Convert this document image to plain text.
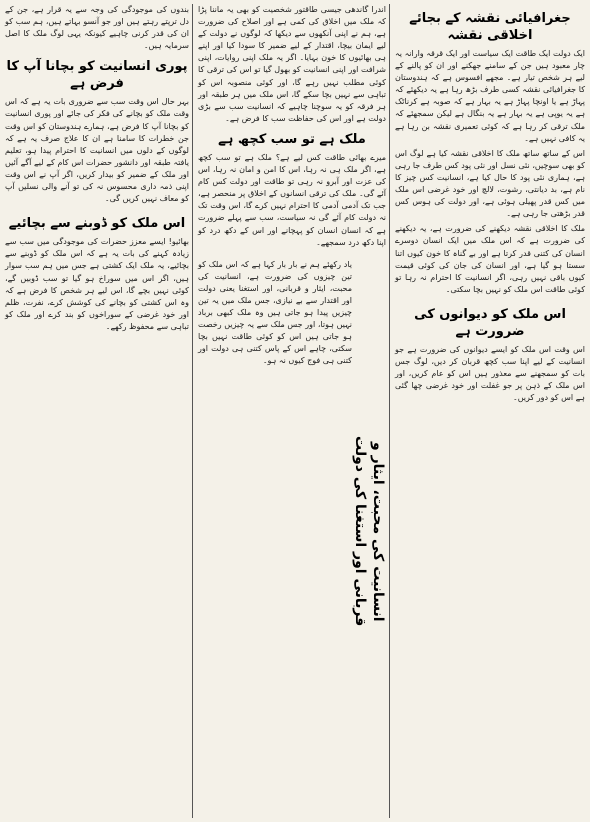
جغرافیائی نقشہ کے بجائے اخلاقی نقشہ

ایک دولت ایک طاقت ایک سیاست اور ایک قرقہ وارانہ یہ چار معبود ہیں جن کے سامنے جھکنے اور ان کو پالنے کے لیے ہر شخص تیار ہے۔ مجھے افسوس ہے کہ ہندوستان کا جغرافیائی نقشہ کسی طرف بڑھ رہا ہے یہ دیکھئے کہ پہاڑ ہے یا اونچا پہاڑ ہے یہ بہار ہے کہ صوبہ ہے کرناٹک ہے یہ یوپی ہے یہ بہار ہے یہ بنگال ہے لیکن سمجھئے کہ ملک ترقی کر رہا ہے کہ کوئی تعمیری نقشہ بن رہا ہے یہ کافی نہیں ہے۔

اس کے ساتھ ساتھ ملک کا اخلاقی نقشہ کیا ہے لوگ اس کو بھی سوچیں، نئی نسل اور نئی پود کس طرف جا رہی ہے، ہماری نئی پود کا حال کیا ہے، انسانیت کس چیز کا نام ہے، بد دیانتی، رشوت، لالچ اور خود غرضی اس ملک میں کس قدر پھیلی ہوئی ہے، اور دولت کی ہوس کس قدر بڑھتی جا رہی ہے۔

ملک کا اخلاقی نقشہ دیکھنے کی ضرورت ہے، یہ دیکھنے کی ضرورت ہے کہ اس ملک میں ایک انسان دوسرے انسان کی کتنی قدر کرتا ہے اور بے گناہ کا خون کیوں اتنا سستا ہو گیا ہے، اور انسان کی جان کی کوئی قیمت کیوں باقی نہیں رہی، اگر انسانیت کا احترام نہ رہا تو کوئی طاقت اس ملک کو نہیں بچا سکتی۔

اس ملک کو دیوانوں کی ضرورت ہے

اس وقت اس ملک کو ایسے دیوانوں کی ضرورت ہے جو انسانیت کے لیے اپنا سب کچھ قربان کر دیں، لوگ جس بات کو سمجھنے سے معذور ہیں اس کو عام کریں، اور اس ملک کے ذہن پر جو غفلت اور خود غرضی چھا گئی ہے اس کو دور کریں۔

اندرا گاندھی جیسی طاقتور شخصیت کو بھی یہ ماننا پڑا کہ ملک میں اخلاق کی کمی ہے اور اصلاح کی ضرورت ہے، ہم نے اپنی آنکھوں سے دیکھا کہ لوگوں نے دولت کے لیے ایمان بیچا، اقتدار کے لیے ضمیر کا سودا کیا اور اپنے ہی بھائیوں کا خون بہایا۔ اگر یہ ملک اپنی روایات، اپنی شرافت اور اپنی انسانیت کو بھول گیا تو اس کی ترقی کا کوئی مطلب نہیں رہے گا، اور کوئی منصوبہ اس کو تباہی سے نہیں بچا سکے گا، اس ملک میں ہر طبقہ اور ہر فرقہ کو یہ سوچنا چاہیے کہ انسانیت سب سے بڑی دولت ہے اور اس کی حفاظت سب کا فرض ہے۔

ملک ہے تو سب کچھ ہے

میرے بھائی طاقت کس لیے ہے؟ ملک ہے تو سب کچھ ہے، اگر ملک ہی نہ رہا، اس کا امن و امان نہ رہا، اس کی عزت اور آبرو نہ رہی تو طاقت اور دولت کس کام آئے گی۔ ملک کی ترقی انسانوں کے اخلاق پر منحصر ہے، جب تک آدمی آدمی کا احترام نہیں کرے گا، اس وقت تک نہ دولت کام آئے گی نہ سیاست، سب سے پہلے ضرورت ہے کہ انسان انسان کو پہچانے اور اس کے دکھ درد کو اپنا دکھ درد سمجھے۔

انسانیت کی محبت، ایثار و قربانی اور استغنا کی دولت

یاد رکھئے ہم نے بار بار کہا ہے کہ اس ملک کو تین چیزوں کی ضرورت ہے، انسانیت کی محبت، ایثار و قربانی، اور استغنا یعنی دولت اور اقتدار سے بے نیازی، جس ملک میں یہ تین چیزیں پیدا ہو جاتی ہیں وہ ملک کبھی برباد نہیں ہوتا، اور جس ملک سے یہ چیزیں رخصت ہو جاتی ہیں اس کو کوئی طاقت نہیں بچا سکتی، چاہے اس کے پاس کتنی ہی دولت اور کتنی ہی فوج کیوں نہ ہو۔

بندوں کی موجودگی کی وجہ سے یہ قرار ہے، جن کے دل ترپتے رہتے ہیں اور جو آنسو بہاتے ہیں، ہم سب کو ان کی قدر کرنی چاہیے کیونکہ یہی لوگ ملک کا اصل سرمایہ ہیں۔

پوری انسانیت کو بچانا آپ کا فرض ہے

بہر حال اس وقت سب سے ضروری بات یہ ہے کہ اس وقت ملک کو بچانے کی فکر کی جائے اور پوری انسانیت کو بچانا آپ کا فرض ہے، ہمارے ہندوستان کو اس وقت جن خطرات کا سامنا ہے ان کا علاج صرف یہ ہے کہ لوگوں کے دلوں میں انسانیت کا احترام پیدا ہو، تعلیم یافتہ طبقہ اور دانشور حضرات اس کام کے لیے آگے آئیں اور ملک کے ضمیر کو بیدار کریں، اگر آپ نے اس وقت اپنی ذمہ داری محسوس نہ کی تو آنے والی نسلیں آپ کو معاف نہیں کریں گی۔

اس ملک کو ڈوبنے سے بچائیے

بھائیو! ایسے معزز حضرات کی موجودگی میں سب سے زیادہ کہنے کی بات یہ ہے کہ اس ملک کو ڈوبنے سے بچائیے، یہ ملک ایک کشتی ہے جس میں ہم سب سوار ہیں، اگر اس میں سوراخ ہو گیا تو سب ڈوبیں گے، کوئی نہیں بچے گا، اس لیے ہر شخص کا فرض ہے کہ وہ اس کشتی کو بچانے کی کوشش کرے، نفرت، ظلم اور خود غرضی کے سوراخوں کو بند کرے اور ملک کو تباہی سے محفوظ رکھے۔
